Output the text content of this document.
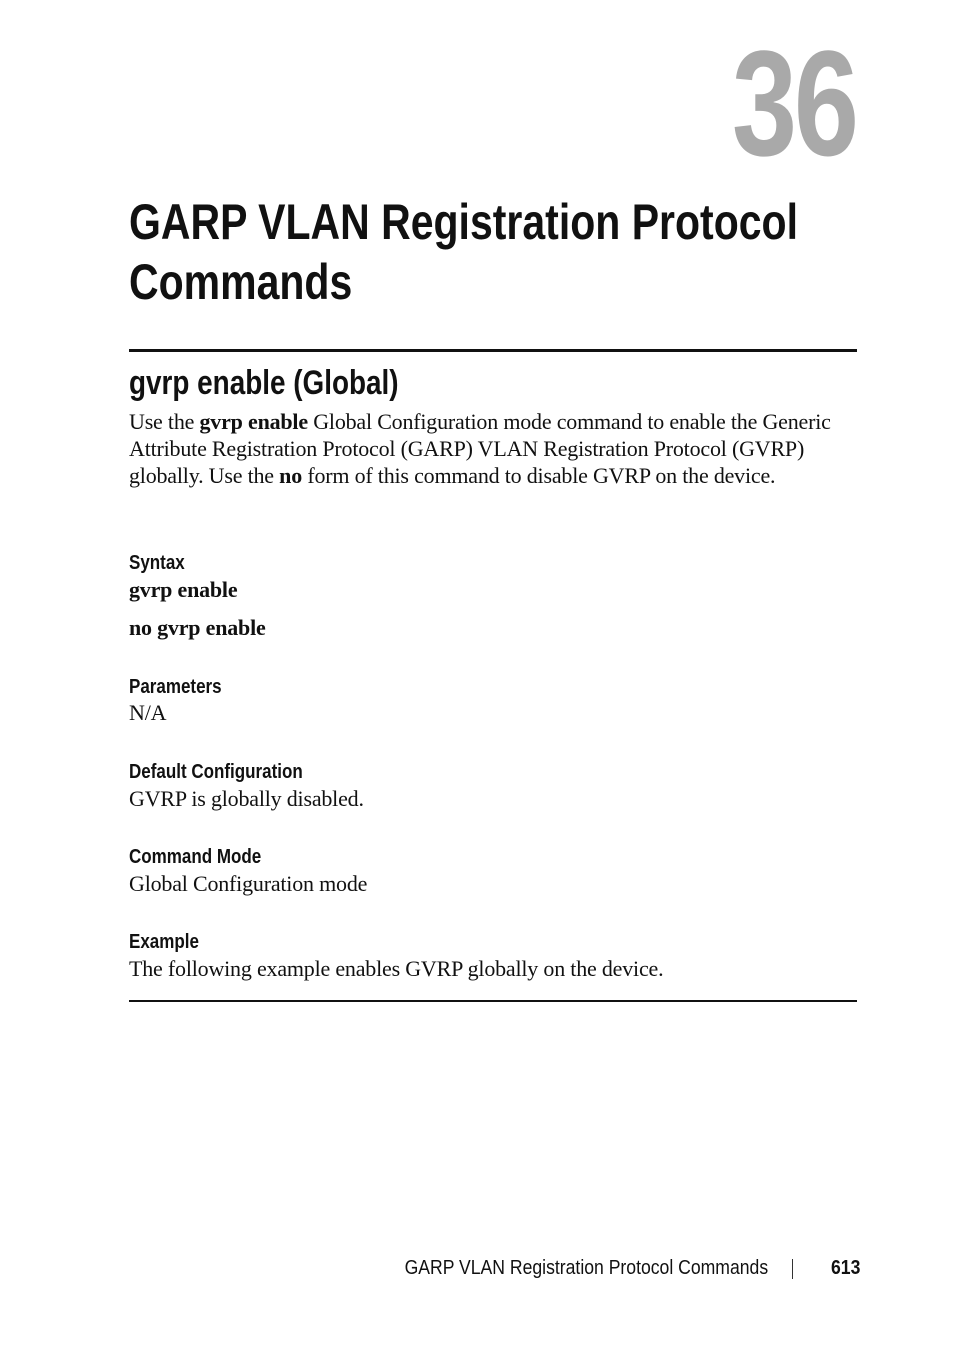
36
GARP VLAN Registration Protocol
Commands
gvrp enable (Global)

Use the gvrp enable Global Configuration mode command to enable the Generic Attribute Registration Protocol (GARP) VLAN Registration Protocol (GVRP) globally. Use the no form of this command to disable GVRP on the device.

Syntax
gvrp enable
no gvrp enable
Parameters
N/A
Default Configuration
GVRP is globally disabled.
Command Mode
Global Configuration mode
Example
The following example enables GVRP globally on the device.
GARP VLAN Registration Protocol Commands	613
